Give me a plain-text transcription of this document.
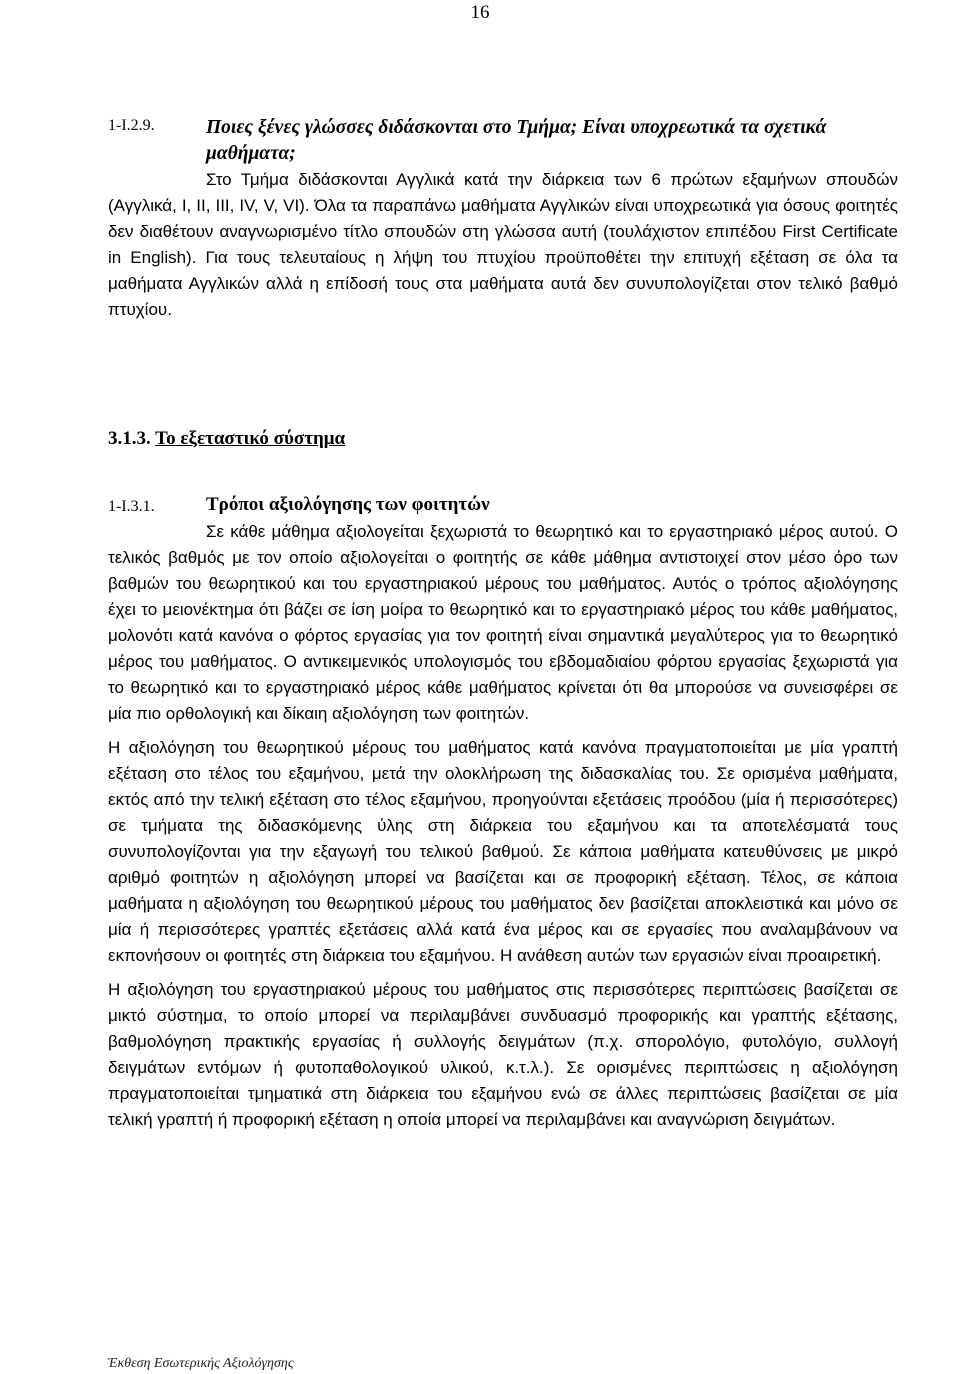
16
1-I.2.9.	Ποιες ξένες γλώσσες διδάσκονται στο Τμήμα; Είναι υποχρεωτικά τα σχετικά μαθήματα;

Στο Τμήμα διδάσκονται Αγγλικά κατά την διάρκεια των 6 πρώτων εξαμήνων σπουδών (Αγγλικά, I, II, III, IV, V, VI). Όλα τα παραπάνω μαθήματα Αγγλικών είναι υποχρεωτικά για όσους φοιτητές δεν διαθέτουν αναγνωρισμένο τίτλο σπουδών στη γλώσσα αυτή (τουλάχιστον επιπέδου First Certificate in English). Για τους τελευταίους η λήψη του πτυχίου προϋποθέτει την επιτυχή εξέταση σε όλα τα μαθήματα Αγγλικών αλλά η επίδοσή τους στα μαθήματα αυτά δεν συνυπολογίζεται στον τελικό βαθμό πτυχίου.

3.1.3. Το εξεταστικό σύστημα
1-I.3.1.	Τρόποι αξιολόγησης των φοιτητών

Σε κάθε μάθημα αξιολογείται ξεχωριστά το θεωρητικό και το εργαστηριακό μέρος αυτού. Ο τελικός βαθμός με τον οποίο αξιολογείται ο φοιτητής σε κάθε μάθημα αντιστοιχεί στον μέσο όρο των βαθμών του θεωρητικού και του εργαστηριακού μέρους του μαθήματος. Αυτός ο τρόπος αξιολόγησης έχει το μειονέκτημα ότι βάζει σε ίση μοίρα το θεωρητικό και το εργαστηριακό μέρος του κάθε μαθήματος, μολονότι κατά κανόνα ο φόρτος εργασίας για τον φοιτητή είναι σημαντικά μεγαλύτερος για το θεωρητικό μέρος του μαθήματος. Ο αντικειμενικός υπολογισμός του εβδομαδιαίου φόρτου εργασίας ξεχωριστά για το θεωρητικό και το εργαστηριακό μέρος κάθε μαθήματος κρίνεται ότι θα μπορούσε να συνεισφέρει σε μία πιο ορθολογική και δίκαιη αξιολόγηση των φοιτητών.

Η αξιολόγηση του θεωρητικού μέρους του μαθήματος κατά κανόνα πραγματοποιείται με μία γραπτή εξέταση στο τέλος του εξαμήνου, μετά την ολοκλήρωση της διδασκαλίας του. Σε ορισμένα μαθήματα, εκτός από την τελική εξέταση στο τέλος εξαμήνου, προηγούνται εξετάσεις προόδου (μία ή περισσότερες) σε τμήματα της διδασκόμενης ύλης στη διάρκεια του εξαμήνου και τα αποτελέσματά τους συνυπολογίζονται για την εξαγωγή του τελικού βαθμού. Σε κάποια μαθήματα κατευθύνσεις με μικρό αριθμό φοιτητών η αξιολόγηση μπορεί να βασίζεται και σε προφορική εξέταση. Τέλος, σε κάποια μαθήματα η αξιολόγηση του θεωρητικού μέρους του μαθήματος δεν βασίζεται αποκλειστικά και μόνο σε μία ή περισσότερες γραπτές εξετάσεις αλλά κατά ένα μέρος και σε εργασίες που αναλαμβάνουν να εκπονήσουν οι φοιτητές στη διάρκεια του εξαμήνου. Η ανάθεση αυτών των εργασιών είναι προαιρετική.

Η αξιολόγηση του εργαστηριακού μέρους του μαθήματος στις περισσότερες περιπτώσεις βασίζεται σε μικτό σύστημα, το οποίο μπορεί να περιλαμβάνει συνδυασμό προφορικής και γραπτής εξέτασης, βαθμολόγηση πρακτικής εργασίας ή συλλογής δειγμάτων (π.χ. σπορολόγιο, φυτολόγιο, συλλογή δειγμάτων εντόμων ή φυτοπαθολογικού υλικού, κ.τ.λ.). Σε ορισμένες περιπτώσεις η αξιολόγηση πραγματοποιείται τμηματικά στη διάρκεια του εξαμήνου ενώ σε άλλες περιπτώσεις βασίζεται σε μία τελική γραπτή ή προφορική εξέταση η οποία μπορεί να περιλαμβάνει και αναγνώριση δειγμάτων.

Έκθεση Εσωτερικής Αξιολόγησης
